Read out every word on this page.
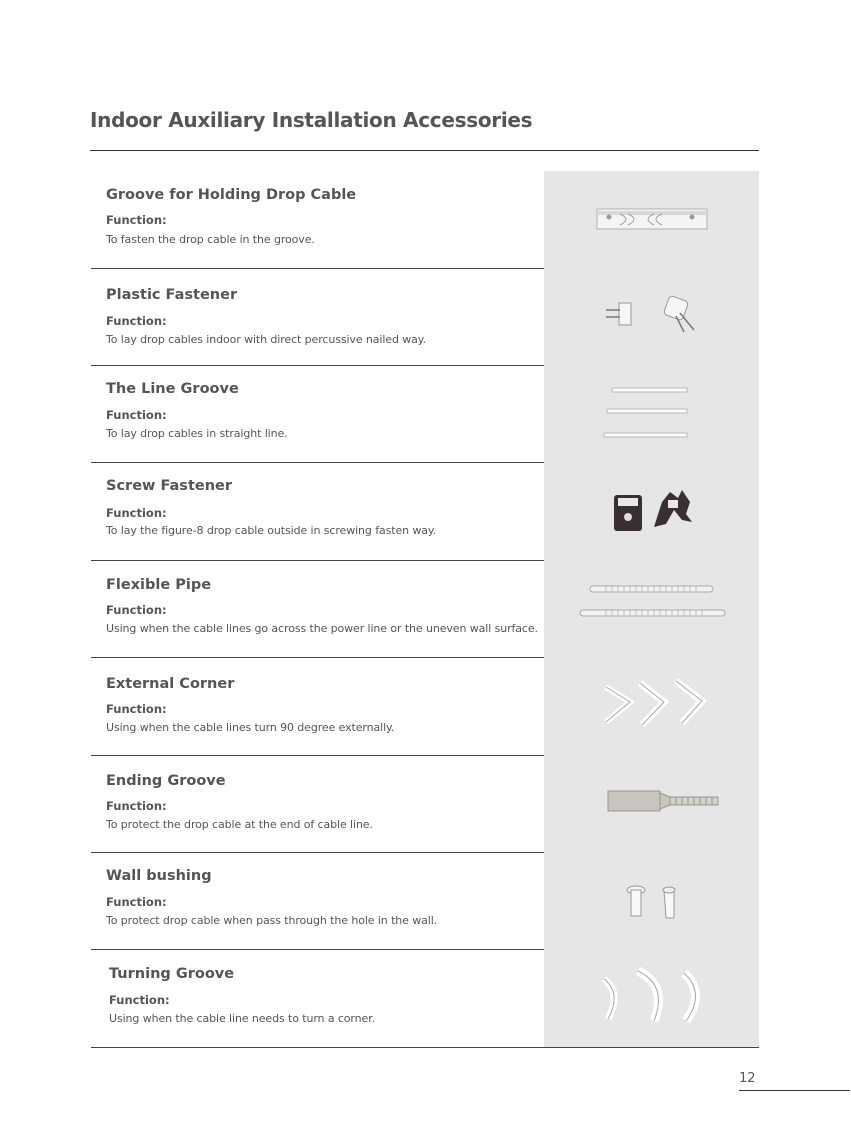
Indoor Auxiliary Installation Accessories
Groove for Holding Drop Cable
Function:
To fasten the drop cable in the groove.
Plastic Fastener
Function:
To lay drop cables indoor with direct percussive nailed way.
The Line Groove
Function:
To lay drop cables in straight line.
Screw Fastener
Function:
To lay the figure-8 drop cable outside in screwing fasten way.
Flexible Pipe
Function:
Using when the cable lines go across the power line or the uneven wall surface.
External Corner
Function:
Using when the cable lines turn 90 degree externally.
Ending Groove
Function:
To protect the drop cable at the end of cable line.
Wall bushing
Function:
To protect drop cable when pass through the hole in the wall.
Turning Groove
Function:
Using when the cable line needs to turn a corner.
12
